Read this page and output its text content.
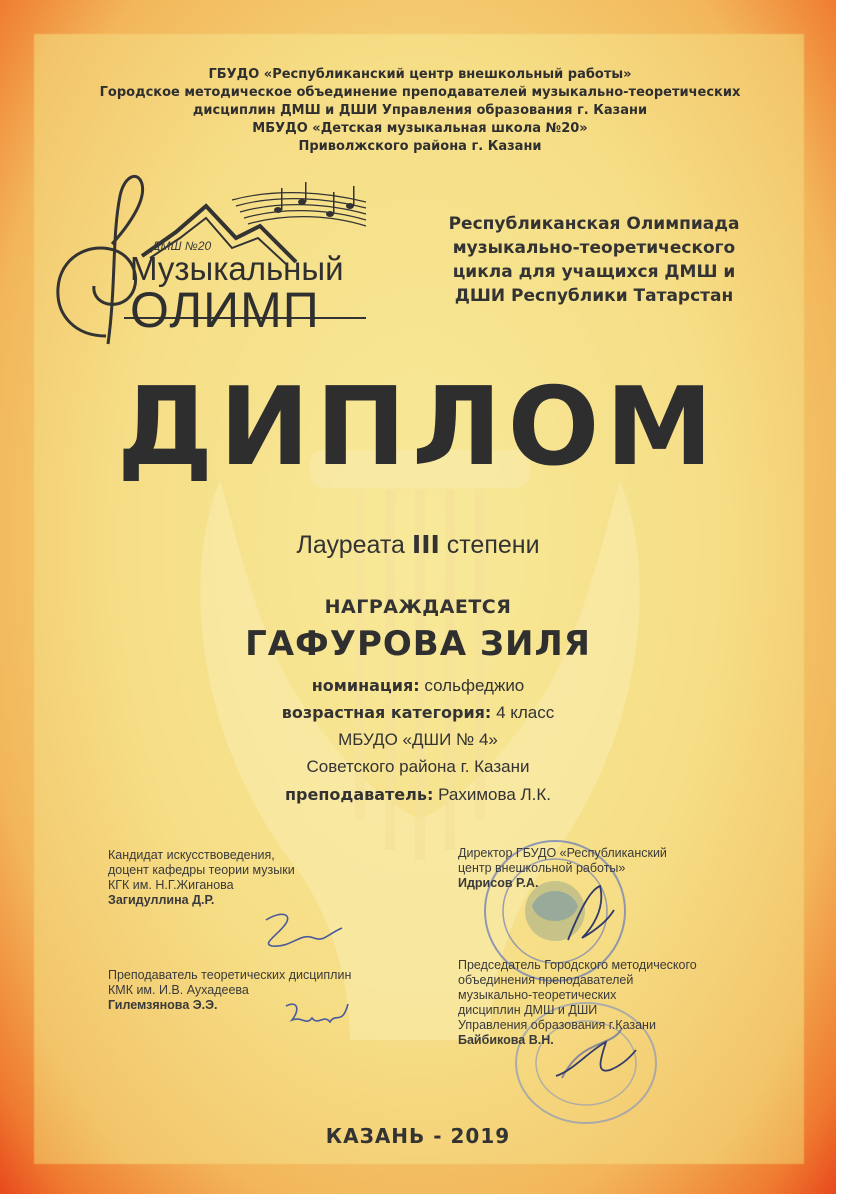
ГБУДО «Республиканский центр внешкольный работы»
Городское методическое объединение преподавателей музыкально-теоретических
дисциплин ДМШ и ДШИ Управления образования г. Казани
МБУДО «Детская музыкальная школа №20»
Приволжского района г. Казани
ДМШ №20
Музыкальный
ОЛИМП
Республиканская Олимпиада
музыкально-теоретического
цикла для учащихся ДМШ и
ДШИ Республики Татарстан
ДИПЛОМ
Лауреата III степени
НАГРАЖДАЕТСЯ
ГАФУРОВА ЗИЛЯ
номинация: сольфеджио
возрастная категория: 4 класс
МБУДО «ДШИ № 4»
Советского района г. Казани
преподаватель: Рахимова Л.К.
Кандидат искусствоведения,
доцент кафедры теории музыки
КГК им. Н.Г.Жиганова
Загидуллина Д.Р.
Преподаватель теоретических дисциплин
КМК им. И.В. Аухадеева
Гилемзянова Э.Э.
Директор ГБУДО «Республиканский
центр внешкольной работы»
Идрисов Р.А.
Председатель Городского методического
объединения преподавателей
музыкально-теоретических
дисциплин ДМШ и ДШИ
Управления образования г.Казани
Байбикова В.Н.
КАЗАНЬ - 2019
